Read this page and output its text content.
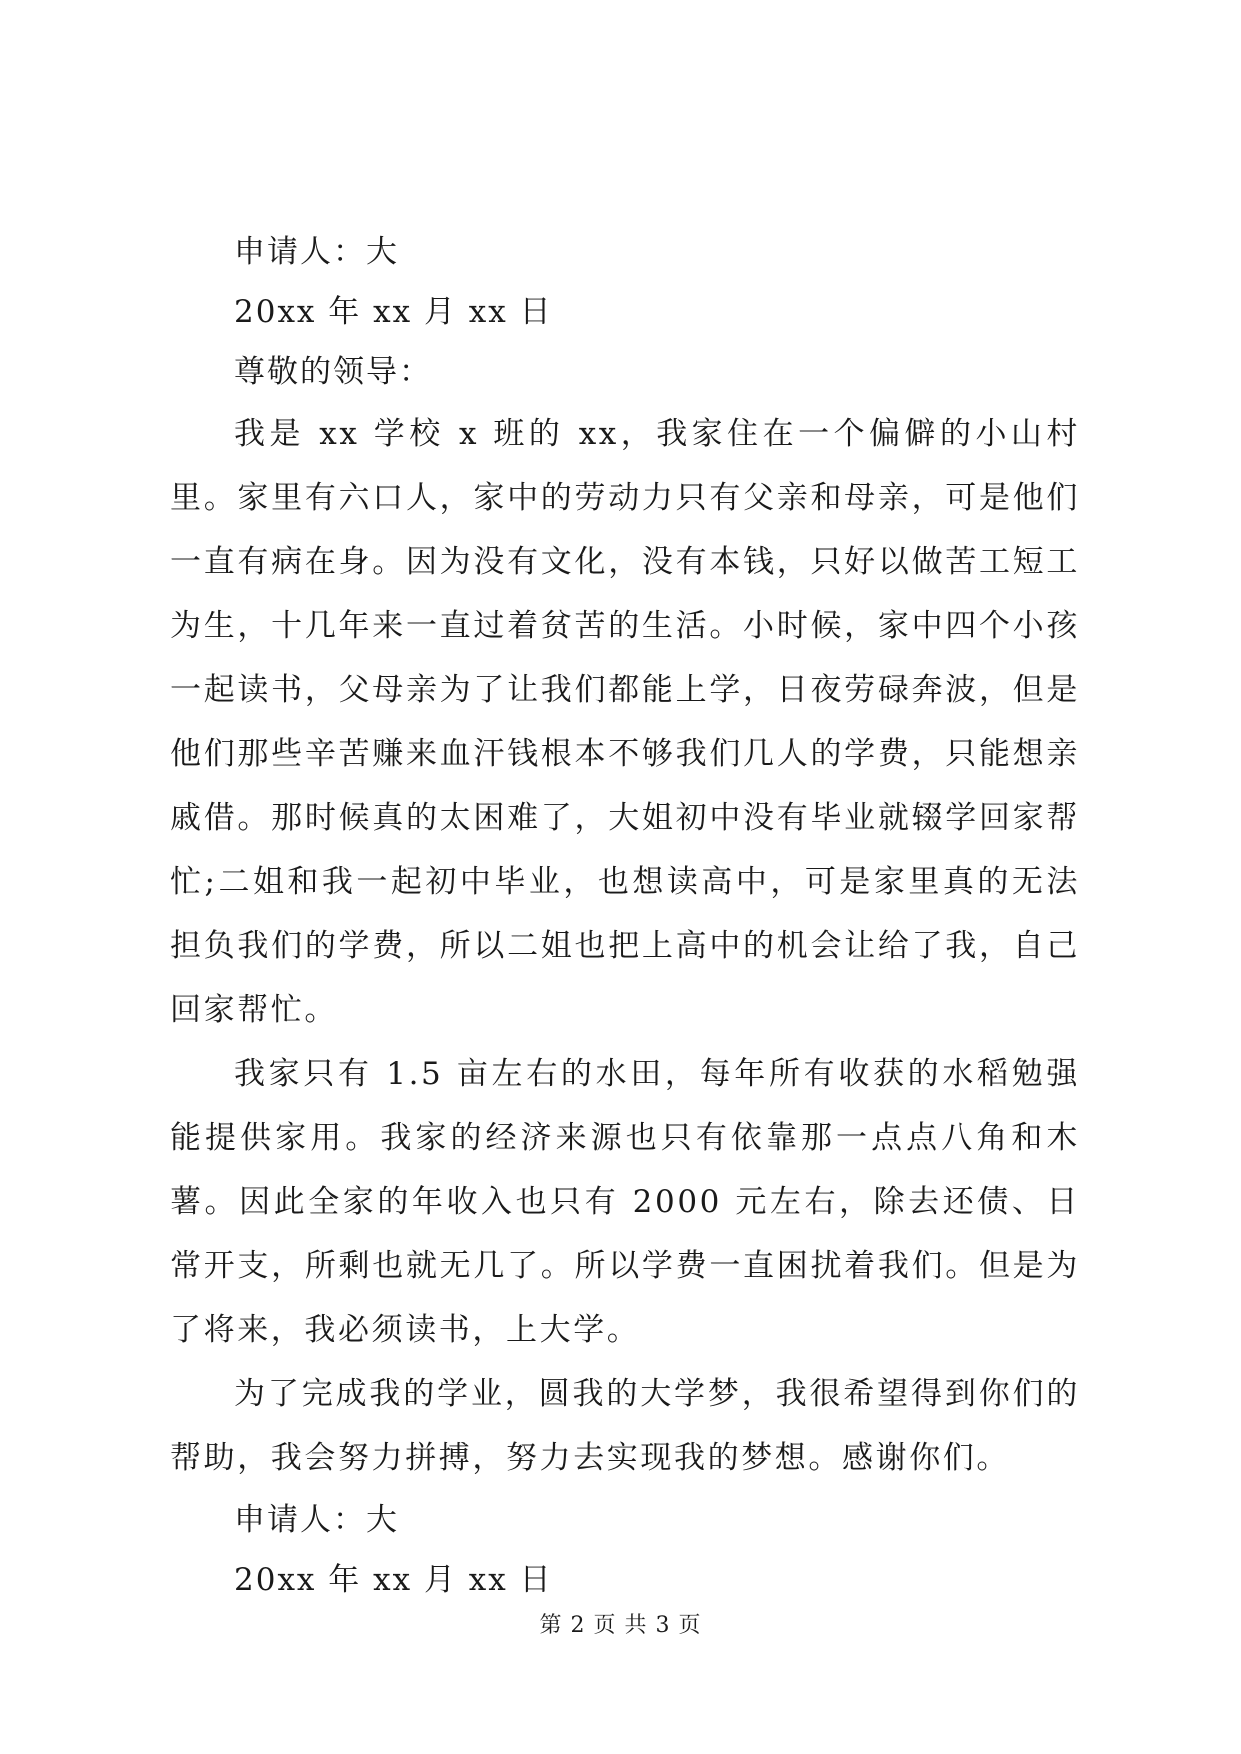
申请人：大

20xx 年 xx 月 xx 日

尊敬的领导：

我是 xx 学校 x 班的 xx，我家住在一个偏僻的小山村里。家里有六口人，家中的劳动力只有父亲和母亲，可是他们一直有病在身。因为没有文化，没有本钱，只好以做苦工短工为生，十几年来一直过着贫苦的生活。小时候，家中四个小孩一起读书，父母亲为了让我们都能上学，日夜劳碌奔波，但是他们那些辛苦赚来血汗钱根本不够我们几人的学费，只能想亲戚借。那时候真的太困难了，大姐初中没有毕业就辍学回家帮忙;二姐和我一起初中毕业，也想读高中，可是家里真的无法担负我们的学费，所以二姐也把上高中的机会让给了我，自己回家帮忙。

我家只有 1.5 亩左右的水田，每年所有收获的水稻勉强能提供家用。我家的经济来源也只有依靠那一点点八角和木薯。因此全家的年收入也只有 2000 元左右，除去还债、日常开支，所剩也就无几了。所以学费一直困扰着我们。但是为了将来，我必须读书，上大学。

为了完成我的学业，圆我的大学梦，我很希望得到你们的帮助，我会努力拼搏，努力去实现我的梦想。感谢你们。

申请人：大

20xx 年 xx 月 xx 日

第 2 页 共 3 页
